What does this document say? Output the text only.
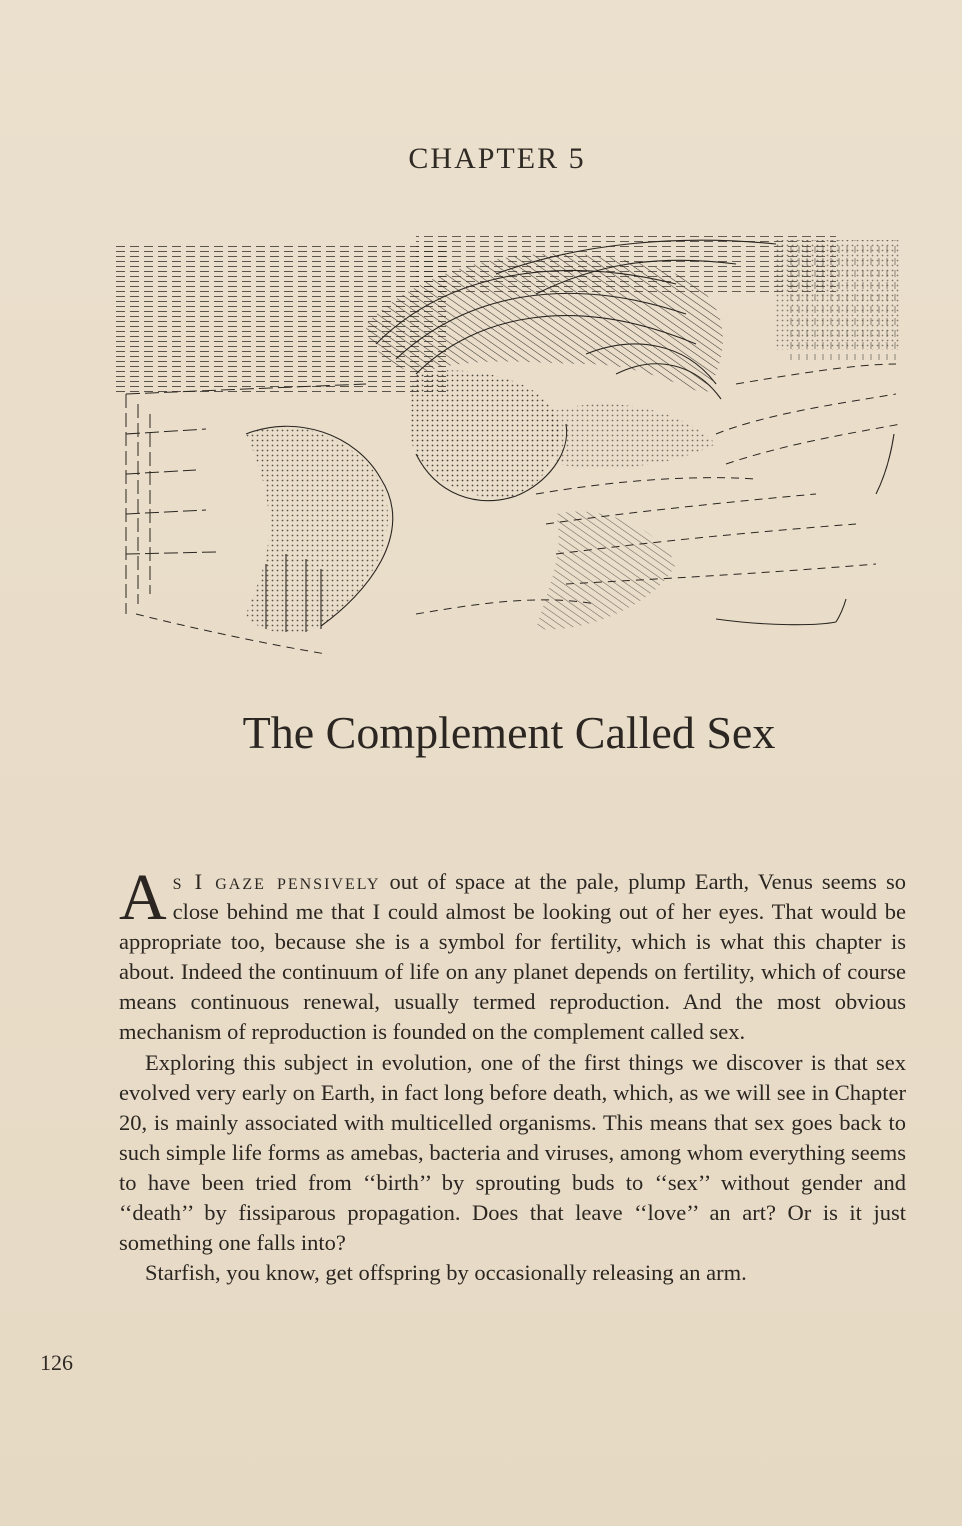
CHAPTER 5
The Complement Called Sex

As I gaze pensively out of space at the pale, plump Earth, Venus seems so close behind me that I could almost be looking out of her eyes. That would be appropriate too, because she is a symbol for fertility, which is what this chapter is about. Indeed the continuum of life on any planet depends on fertility, which of course means continuous renewal, usually termed reproduction. And the most obvious mechanism of reproduction is founded on the complement called sex.

Exploring this subject in evolution, one of the first things we discover is that sex evolved very early on Earth, in fact long before death, which, as we will see in Chapter 20, is mainly associated with multicelled organisms. This means that sex goes back to such simple life forms as amebas, bacteria and viruses, among whom everything seems to have been tried from ‘‘birth’’ by sprouting buds to ‘‘sex’’ without gender and ‘‘death’’ by fissiparous propagation. Does that leave ‘‘love’’ an art? Or is it just something one falls into?

Starfish, you know, get offspring by occasionally releasing an arm.

126
